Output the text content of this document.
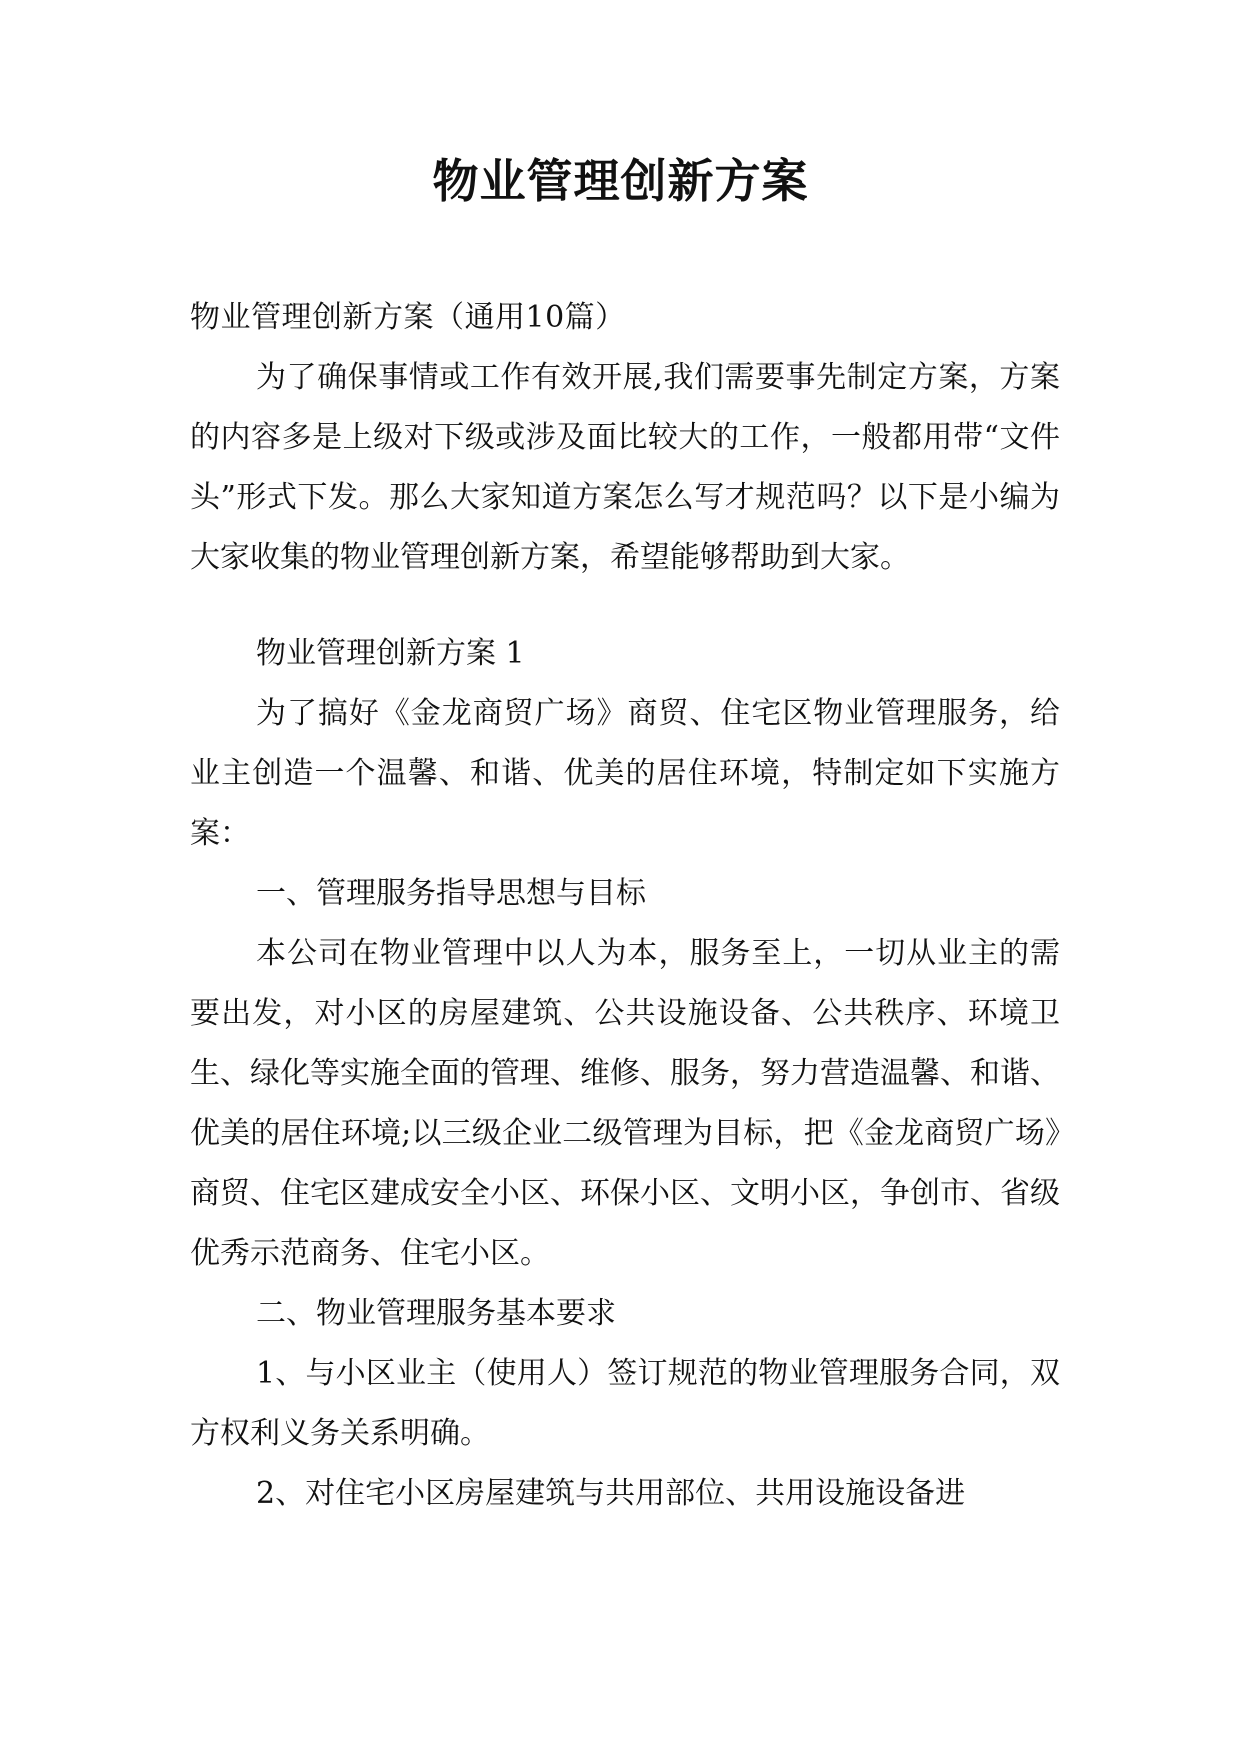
物业管理创新方案

物业管理创新方案（通用10篇）

为了确保事情或工作有效开展,我们需要事先制定方案，方案的内容多是上级对下级或涉及面比较大的工作，一般都用带“文件头”形式下发。那么大家知道方案怎么写才规范吗？以下是小编为大家收集的物业管理创新方案，希望能够帮助到大家。

物业管理创新方案 1

为了搞好《金龙商贸广场》商贸、住宅区物业管理服务，给业主创造一个温馨、和谐、优美的居住环境，特制定如下实施方案：

一、管理服务指导思想与目标

本公司在物业管理中以人为本，服务至上，一切从业主的需要出发，对小区的房屋建筑、公共设施设备、公共秩序、环境卫生、绿化等实施全面的管理、维修、服务，努力营造温馨、和谐、优美的居住环境;以三级企业二级管理为目标，把《金龙商贸广场》商贸、住宅区建成安全小区、环保小区、文明小区，争创市、省级优秀示范商务、住宅小区。

二、物业管理服务基本要求

1、与小区业主（使用人）签订规范的物业管理服务合同，双方权利义务关系明确。

2、对住宅小区房屋建筑与共用部位、共用设施设备进
